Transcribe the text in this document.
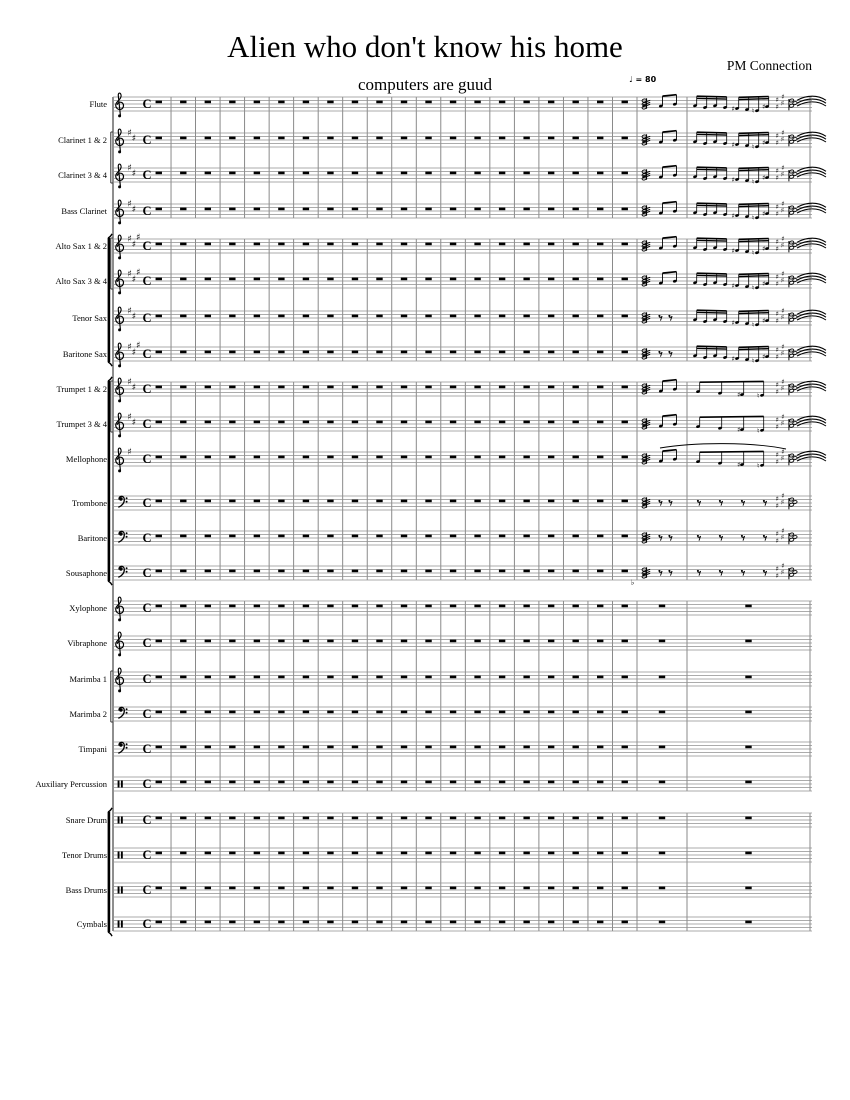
Alien who don't know his home
computers are guud
PM Connection
♩ = 80
C	♯ ♮
♯
♯ ♯
♯
♯
♯
♯ C	♯ ♮
♯
♯ ♯
♯
♯
♯
♯ C	♯ ♮
♯
♯ ♯
♯
♯
♯
♯ C	♯ ♮
♯
♯ ♯
♯
♯
♯
♯
♯
C	♯ ♮
♯
♯ ♯
♯
♯
♯
♯
♯
C	♯ ♮
♯
♯ ♯
♯
♯
♯
♯ C	♯ ♮
♯
♯ ♯
♯
♯
♯
♯
♯
C	♯ ♮
♯
♯ ♯
♯
♯
♯
♯ C	♯ ♮
♯ ♯
♯
♯
♯
♯ C	♯ ♮
♯ ♯
♯
♯
♯ C	♯ ♮
♯ ♯
♯
♯
C	♯ ♯
♯
♯
C	♯ ♯
♯
♯
C	♯ ♯
♯
♯
♭
C
C
C
C
C
C
C
C
C
C
Flute
Clarinet 1 & 2
Clarinet 3 & 4
Bass Clarinet
Alto Sax 1 & 2
Alto Sax 3 & 4
Tenor Sax
Baritone Sax
Trumpet 1 & 2
Trumpet 3 & 4
Mellophone
Trombone
Baritone
Sousaphone
Xylophone
Vibraphone
Marimba 1
Marimba 2
Timpani
Auxiliary Percussion
Snare Drum
Tenor Drums
Bass Drums
Cymbals
